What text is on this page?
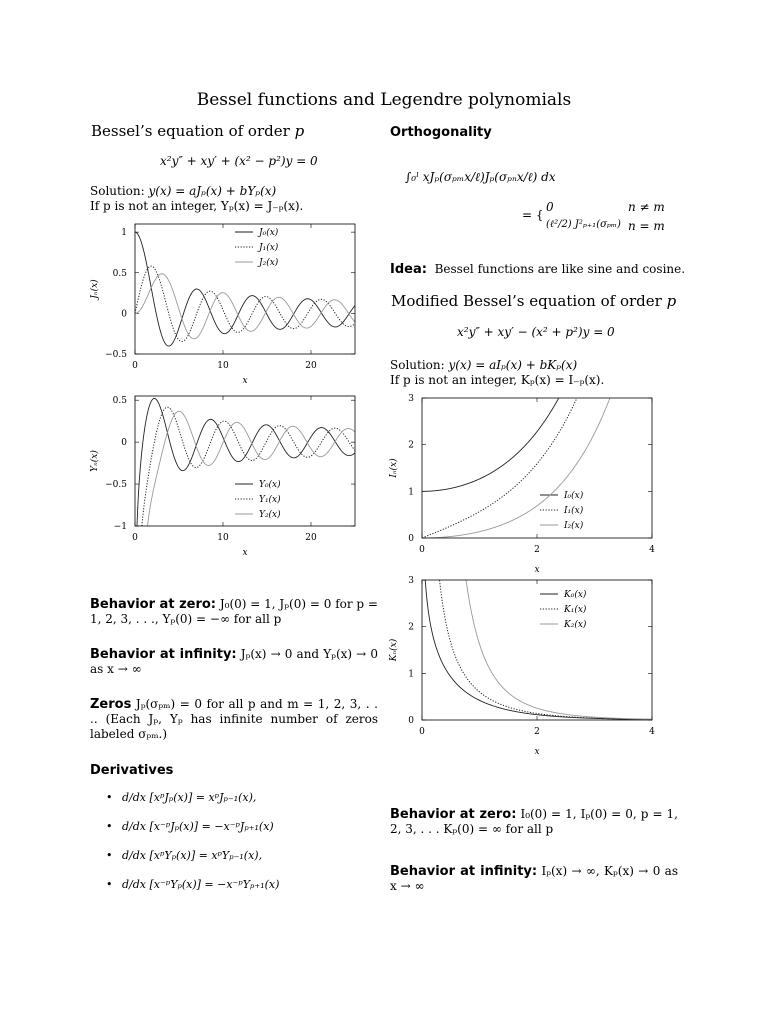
Bessel functions and Legendre polynomials
Bessel’s equation of order p
x²y″ + xy′ + (x² − p²)y = 0
Solution: y(x) = aJₚ(x) + bYₚ(x)
If p is not an integer, Yₚ(x) = J₋ₚ(x).
0	10	20
−0.5
0
0.5
1
x
Jₙ(x)
J₀(x)
J₁(x)
J₂(x)
0	10	20
−1
−0.5
0
0.5
x
Yₙ(x)
Y₀(x)
Y₁(x)
Y₂(x)
Behavior at zero: J₀(0) = 1, Jₚ(0) = 0 for p = 1, 2, 3, . . ., Yₚ(0) = −∞ for all p
Behavior at infinity: Jₚ(x) → 0 and Yₚ(x) → 0 as x → ∞
Zeros Jₚ(σₚₘ) = 0 for all p and m = 1, 2, 3, . . .. (Each Jₚ, Yₚ has infinite number of zeros labeled σₚₘ.)
Derivatives
• d/dx [xᵖJₚ(x)] = xᵖJₚ₋₁(x),
• d/dx [x⁻ᵖJₚ(x)] = −x⁻ᵖJₚ₊₁(x)
• d/dx [xᵖYₚ(x)] = xᵖYₚ₋₁(x),
• d/dx [x⁻ᵖYₚ(x)] = −x⁻ᵖYₚ₊₁(x)
Orthogonality
∫₀ˡ xJₚ(σₚₘx/ℓ)Jₚ(σₚₙx/ℓ) dx
= {
0	n ≠ m
(ℓ²/2) J²ₚ₊₁(σₚₘ) n = m
Idea: Bessel functions are like sine and cosine.
Modified Bessel’s equation of order p
x²y″ + xy′ − (x² + p²)y = 0
Solution: y(x) = aIₚ(x) + bKₚ(x)
If p is not an integer, Kₚ(x) = I₋ₚ(x).
0	2	4
0
1
2
3
x
Iₙ(x)
I₀(x)
I₁(x)
I₂(x)
0	2	4
0
1
2
3
x
Kₙ(x)
K₀(x)
K₁(x)
K₂(x)
Behavior at zero: I₀(0) = 1, Iₚ(0) = 0, p = 1, 2, 3, . . . Kₚ(0) = ∞ for all p
Behavior at infinity: Iₚ(x) → ∞, Kₚ(x) → 0 as x → ∞
